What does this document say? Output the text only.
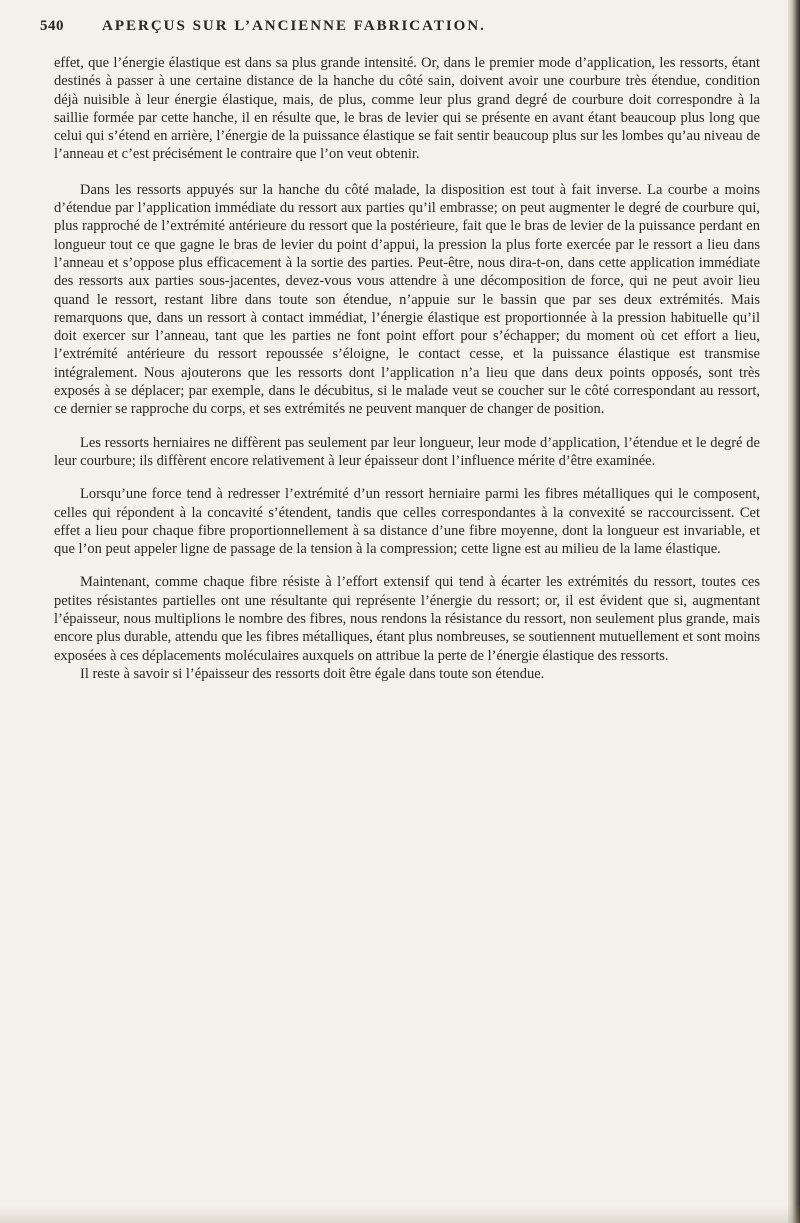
540	APERÇUS SUR L’ANCIENNE FABRICATION.

effet, que l’énergie élastique est dans sa plus grande intensité. Or, dans le premier mode d’application, les ressorts, étant destinés à passer à une certaine distance de la hanche du côté sain, doivent avoir une courbure très étendue, condition déjà nuisible à leur énergie élastique, mais, de plus, comme leur plus grand degré de courbure doit correspondre à la saillie formée par cette hanche, il en résulte que, le bras de levier qui se présente en avant étant beaucoup plus long que celui qui s’étend en arrière, l’énergie de la puissance élastique se fait sentir beaucoup plus sur les lombes qu’au niveau de l’anneau et c’est précisément le contraire que l’on veut obtenir.

Dans les ressorts appuyés sur la hanche du côté malade, la disposition est tout à fait inverse. La courbe a moins d’étendue par l’application immédiate du ressort aux parties qu’il embrasse; on peut augmenter le degré de courbure qui, plus rapproché de l’extrémité antérieure du ressort que la postérieure, fait que le bras de levier de la puissance perdant en longueur tout ce que gagne le bras de levier du point d’appui, la pression la plus forte exercée par le ressort a lieu dans l’anneau et s’oppose plus efficacement à la sortie des parties. Peut-être, nous dira-t-on, dans cette application immédiate des ressorts aux parties sous-jacentes, devez-vous vous attendre à une décomposition de force, qui ne peut avoir lieu quand le ressort, restant libre dans toute son étendue, n’appuie sur le bassin que par ses deux extrémités. Mais remarquons que, dans un ressort à contact immédiat, l’énergie élastique est proportionnée à la pression habituelle qu’il doit exercer sur l’anneau, tant que les parties ne font point effort pour s’échapper; du moment où cet effort a lieu, l’extrémité antérieure du ressort repoussée s’éloigne, le contact cesse, et la puissance élastique est transmise intégralement. Nous ajouterons que les ressorts dont l’application n’a lieu que dans deux points opposés, sont très exposés à se déplacer; par exemple, dans le décubitus, si le malade veut se coucher sur le côté correspondant au ressort, ce dernier se rapproche du corps, et ses extrémités ne peuvent manquer de changer de position.

Les ressorts herniaires ne diffèrent pas seulement par leur longueur, leur mode d’application, l’étendue et le degré de leur courbure; ils diffèrent encore relativement à leur épaisseur dont l’influence mérite d’être examinée.

Lorsqu’une force tend à redresser l’extrémité d’un ressort herniaire parmi les fibres métalliques qui le composent, celles qui répondent à la concavité s’étendent, tandis que celles correspondantes à la convexité se raccourcissent. Cet effet a lieu pour chaque fibre proportionnellement à sa distance d’une fibre moyenne, dont la longueur est invariable, et que l’on peut appeler ligne de passage de la tension à la compression; cette ligne est au milieu de la lame élastique.

Maintenant, comme chaque fibre résiste à l’effort extensif qui tend à écarter les extrémités du ressort, toutes ces petites résistantes partielles ont une résultante qui représente l’énergie du ressort; or, il est évident que si, augmentant l’épaisseur, nous multiplions le nombre des fibres, nous rendons la résistance du ressort, non seulement plus grande, mais encore plus durable, attendu que les fibres métalliques, étant plus nombreuses, se soutiennent mutuellement et sont moins exposées à ces déplacements moléculaires auxquels on attribue la perte de l’énergie élastique des ressorts.

Il reste à savoir si l’épaisseur des ressorts doit être égale dans toute son étendue.
